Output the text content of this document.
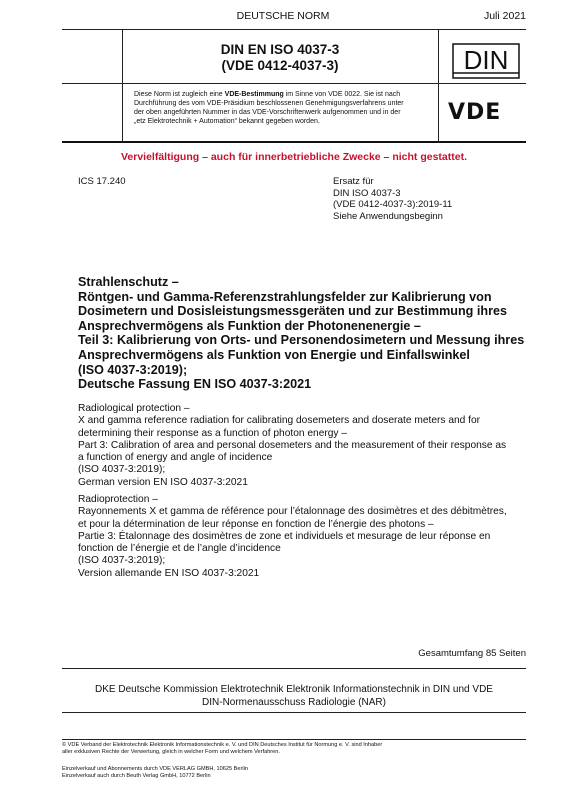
DEUTSCHE NORM	Juli 2021
DIN EN ISO 4037-3
(VDE 0412-4037-3)	DIN
Diese Norm ist zugleich eine VDE-Bestimmung im Sinne von VDE 0022. Sie ist nach
Durchführung des vom VDE-Präsidium beschlossenen Genehmigungsverfahrens unter
der oben angeführten Nummer in das VDE-Vorschriftenwerk aufgenommen und in der
„etz Elektrotechnik + Automation“ bekannt gegeben worden.	VDE
Vervielfältigung – auch für innerbetriebliche Zwecke – nicht gestattet.
ICS 17.240	Ersatz für
DIN ISO 4037-3
(VDE 0412-4037-3):2019-11
Siehe Anwendungsbeginn
Strahlenschutz –
Röntgen- und Gamma-Referenzstrahlungsfelder zur Kalibrierung von
Dosimetern und Dosisleistungsmessgeräten und zur Bestimmung ihres
Ansprechvermögens als Funktion der Photonenenergie –
Teil 3: Kalibrierung von Orts- und Personendosimetern und Messung ihres
Ansprechvermögens als Funktion von Energie und Einfallswinkel
(ISO 4037-3:2019);
Deutsche Fassung EN ISO 4037-3:2021
Radiological protection –
X and gamma reference radiation for calibrating dosemeters and doserate meters and for
determining their response as a function of photon energy –
Part 3: Calibration of area and personal dosemeters and the measurement of their response as
a function of energy and angle of incidence
(ISO 4037-3:2019);
German version EN ISO 4037-3:2021
Radioprotection –
Rayonnements X et gamma de référence pour l’étalonnage des dosimètres et des débitmètres,
et pour la détermination de leur réponse en fonction de l’énergie des photons –
Partie 3: Étalonnage des dosimètres de zone et individuels et mesurage de leur réponse en
fonction de l’énergie et de l’angle d’incidence
(ISO 4037-3:2019);
Version allemande EN ISO 4037-3:2021
Gesamtumfang 85 Seiten
DKE Deutsche Kommission Elektrotechnik Elektronik Informationstechnik in DIN und VDE
DIN-Normenausschuss Radiologie (NAR)
© VDE Verband der Elektrotechnik Elektronik Informationstechnik e. V. und DIN Deutsches Institut für Normung e. V. sind Inhaber
aller exklusiven Rechte der Verwertung, gleich in welcher Form und welchem Verfahren.
Einzelverkauf und Abonnements durch VDE VERLAG GMBH, 10625 Berlin
Einzelverkauf auch durch Beuth Verlag GmbH, 10772 Berlin
